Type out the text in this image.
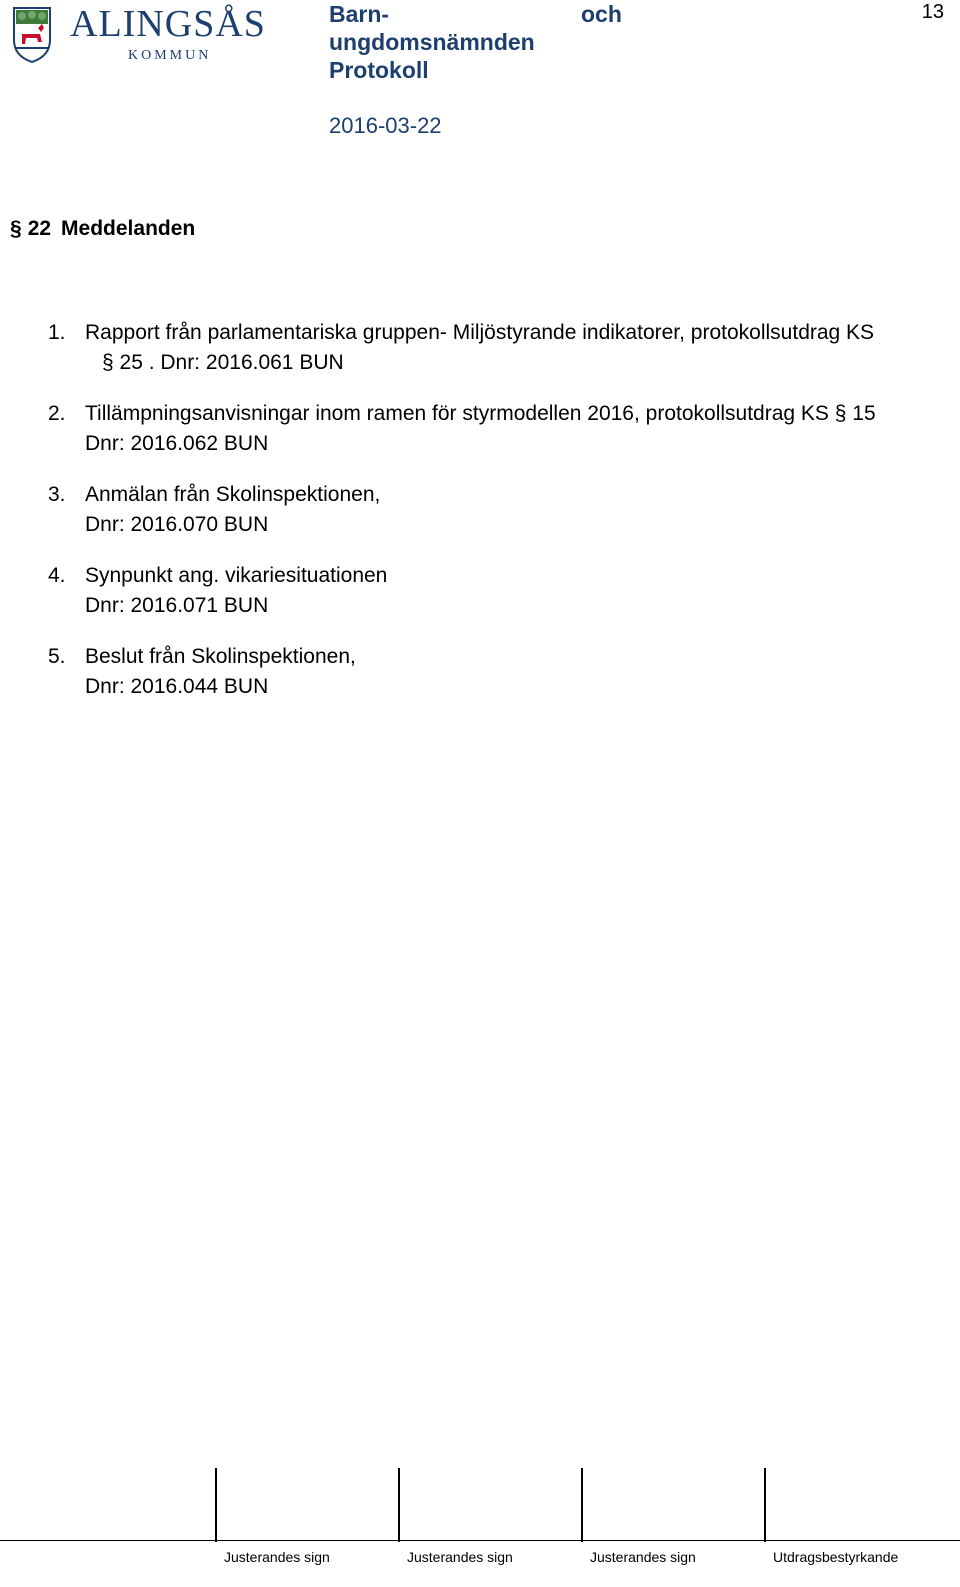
ALINGSÅS
KOMMUN
Barn-	och
ungdomsnämnden
Protokoll
13
2016-03-22
§ 22 Meddelanden
1. Rapport från parlamentariska gruppen- Miljöstyrande indikatorer, protokollsutdrag KS
§ 25 . Dnr: 2016.061 BUN
2. Tillämpningsanvisningar inom ramen för styrmodellen 2016, protokollsutdrag KS § 15
Dnr: 2016.062 BUN
3. Anmälan från Skolinspektionen,
Dnr: 2016.070 BUN
4. Synpunkt ang. vikariesituationen
Dnr: 2016.071 BUN
5. Beslut från Skolinspektionen,
Dnr: 2016.044 BUN
Justerandes sign	Justerandes sign	Justerandes sign	Utdragsbestyrkande
